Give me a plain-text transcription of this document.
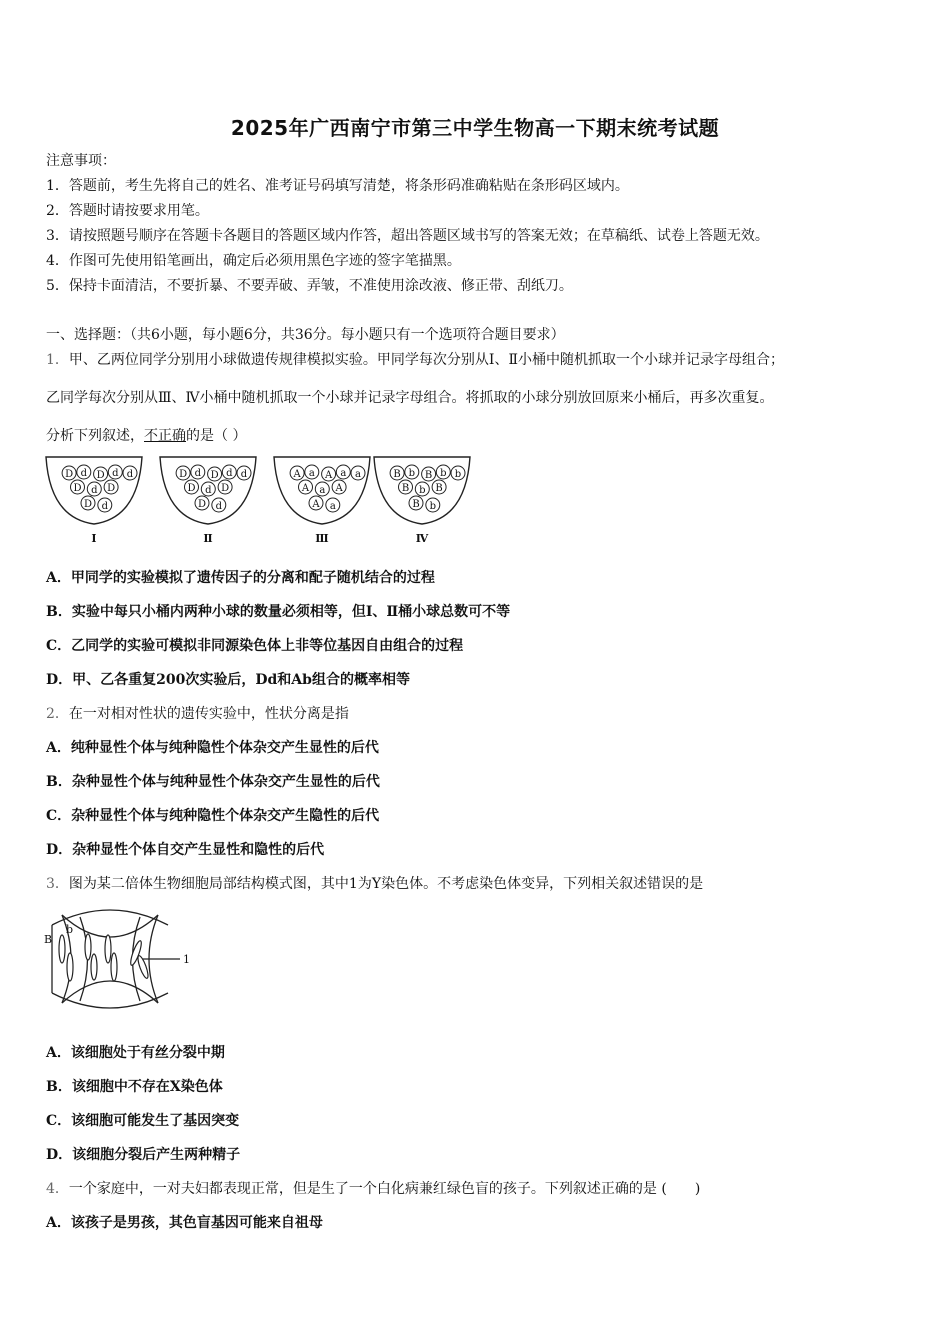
2025年广西南宁市第三中学生物高一下期末统考试题
注意事项：
1．答题前，考生先将自己的姓名、准考证号码填写清楚，将条形码准确粘贴在条形码区域内。
2．答题时请按要求用笔。
3．请按照题号顺序在答题卡各题目的答题区域内作答，超出答题区域书写的答案无效；在草稿纸、试卷上答题无效。
4．作图可先使用铅笔画出，确定后必须用黑色字迹的签字笔描黑。
5．保持卡面清洁，不要折暴、不要弄破、弄皱，不准使用涂改液、修正带、刮纸刀。
一、选择题：（共6小题，每小题6分，共36分。每小题只有一个选项符合题目要求）
1．甲、乙两位同学分别用小球做遗传规律模拟实验。甲同学每次分别从Ⅰ、Ⅱ小桶中随机抓取一个小球并记录字母组合；
乙同学每次分别从Ⅲ、Ⅳ小桶中随机抓取一个小球并记录字母组合。将抓取的小球分别放回原来小桶后，再多次重复。
分析下列叙述，不正确的是（ ）
D d D d d
D d D
D d
Ⅰ
D d D d d
D d D
D d
Ⅱ
A a A a a
A a A
A a
Ⅲ
B b B b b
B b B
B b
Ⅳ
A．甲同学的实验模拟了遗传因子的分离和配子随机结合的过程
B．实验中每只小桶内两种小球的数量必须相等，但Ⅰ、Ⅱ桶小球总数可不等
C．乙同学的实验可模拟非同源染色体上非等位基因自由组合的过程
D．甲、乙各重复200次实验后，Dd和Ab组合的概率相等
2．在一对相对性状的遗传实验中，性状分离是指
A．纯种显性个体与纯种隐性个体杂交产生显性的后代
B．杂种显性个体与纯种显性个体杂交产生显性的后代
C．杂种显性个体与纯种隐性个体杂交产生隐性的后代
D．杂种显性个体自交产生显性和隐性的后代
3．图为某二倍体生物细胞局部结构模式图，其中1为Y染色体。不考虑染色体变异，下列相关叙述错误的是
B
b
1
A．该细胞处于有丝分裂中期
B．该细胞中不存在X染色体
C．该细胞可能发生了基因突变
D．该细胞分裂后产生两种精子
4．一个家庭中，一对夫妇都表现正常，但是生了一个白化病兼红绿色盲的孩子。下列叙述正确的是 (　　)
A．该孩子是男孩，其色盲基因可能来自祖母
